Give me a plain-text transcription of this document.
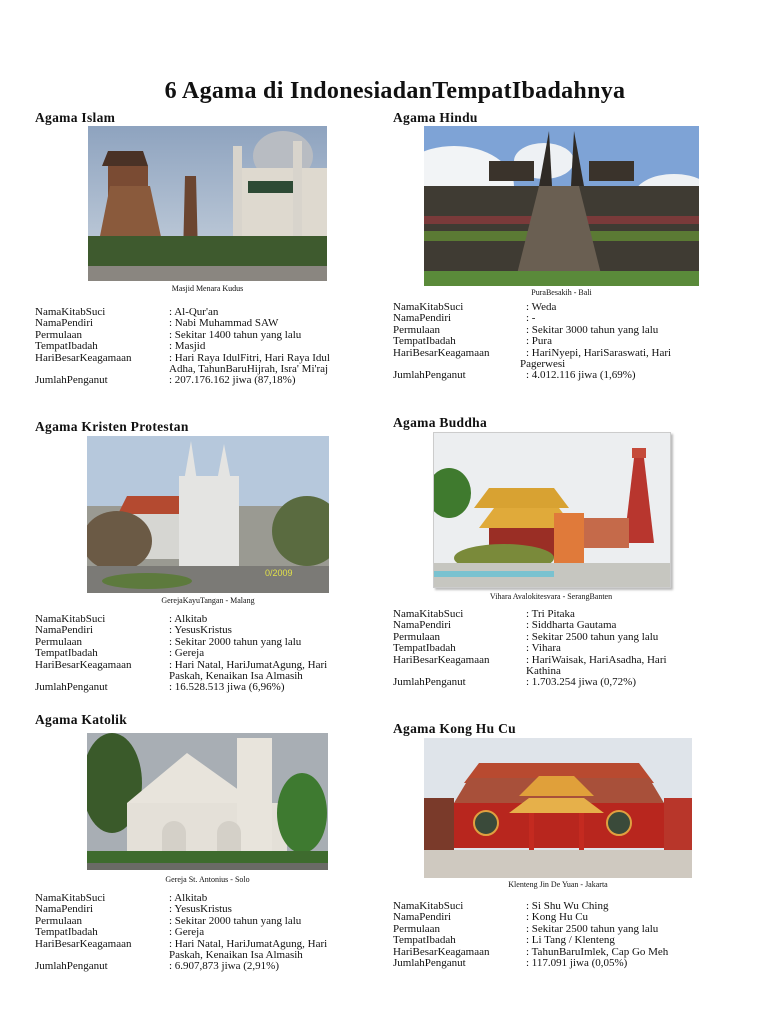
6 Agama di IndonesiadanTempatIbadahnya
Agama Islam
Masjid Menara Kudus
NamaKitabSuci	: Al-Qur'an
NamaPendiri	: Nabi Muhammad SAW
Permulaan	: Sekitar 1400 tahun yang lalu
TempatIbadah	: Masjid
HariBesarKeagamaan	: Hari Raya IdulFitri, Hari Raya Idul
Adha, TahunBaruHijrah, Isra' Mi'raj
JumlahPenganut	: 207.176.162 jiwa (87,18%)
Agama Hindu
PuraBesakih - Bali
NamaKitabSuci	: Weda
NamaPendiri	: -
Permulaan	: Sekitar 3000 tahun yang lalu
TempatIbadah	: Pura
HariBesarKeagamaan	: HariNyepi, HariSaraswati, Hari
Pagerwesi
JumlahPenganut	: 4.012.116 jiwa (1,69%)
Agama Kristen Protestan
0/2009
GerejaKayuTangan - Malang
NamaKitabSuci	: Alkitab
NamaPendiri	: YesusKristus
Permulaan	: Sekitar 2000 tahun yang lalu
TempatIbadah	: Gereja
HariBesarKeagamaan	: Hari Natal, HariJumatAgung, Hari
Paskah, Kenaikan Isa Almasih
JumlahPenganut	: 16.528.513 jiwa (6,96%)
Agama Buddha
Vihara Avalokitesvara - SerangBanten
NamaKitabSuci	: Tri Pitaka
NamaPendiri	: Siddharta Gautama
Permulaan	: Sekitar 2500 tahun yang lalu
TempatIbadah	: Vihara
HariBesarKeagamaan	: HariWaisak, HariAsadha, Hari
Kathina
JumlahPenganut	: 1.703.254 jiwa (0,72%)
Agama Katolik
Gereja St. Antonius - Solo
NamaKitabSuci	: Alkitab
NamaPendiri	: YesusKristus
Permulaan	: Sekitar 2000 tahun yang lalu
TempatIbadah	: Gereja
HariBesarKeagamaan	: Hari Natal, HariJumatAgung, Hari
Paskah, Kenaikan Isa Almasih
JumlahPenganut	: 6.907,873 jiwa (2,91%)
Agama Kong Hu Cu
Klenteng Jin De Yuan - Jakarta
NamaKitabSuci	: Si Shu Wu Ching
NamaPendiri	: Kong Hu Cu
Permulaan	: Sekitar 2500 tahun yang lalu
TempatIbadah	: Li Tang / Klenteng
HariBesarKeagamaan	: TahunBaruImlek, Cap Go Meh
JumlahPenganut	: 117.091 jiwa (0,05%)
